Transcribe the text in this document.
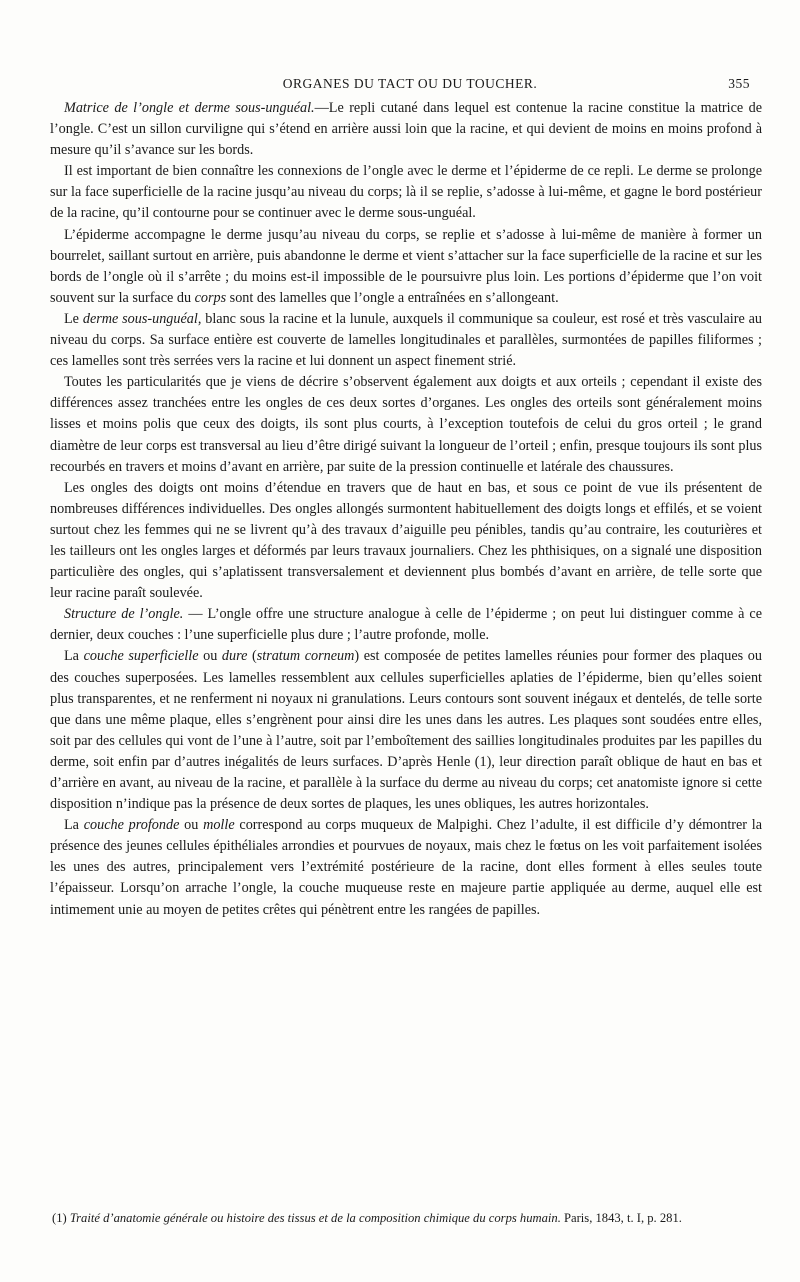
ORGANES DU TACT OU DU TOUCHER.	355

Matrice de l’ongle et derme sous-unguéal.—Le repli cutané dans lequel est contenue la racine constitue la matrice de l’ongle. C’est un sillon curviligne qui s’étend en arrière aussi loin que la racine, et qui devient de moins en moins profond à mesure qu’il s’avance sur les bords.

Il est important de bien connaître les connexions de l’ongle avec le derme et l’épiderme de ce repli. Le derme se prolonge sur la face superficielle de la racine jusqu’au niveau du corps; là il se replie, s’adosse à lui-même, et gagne le bord postérieur de la racine, qu’il contourne pour se continuer avec le derme sous-unguéal.

L’épiderme accompagne le derme jusqu’au niveau du corps, se replie et s’adosse à lui-même de manière à former un bourrelet, saillant surtout en arrière, puis abandonne le derme et vient s’attacher sur la face superficielle de la racine et sur les bords de l’ongle où il s’arrête ; du moins est-il impossible de le poursuivre plus loin. Les portions d’épiderme que l’on voit souvent sur la surface du corps sont des lamelles que l’ongle a entraînées en s’allongeant.

Le derme sous-unguéal, blanc sous la racine et la lunule, auxquels il communique sa couleur, est rosé et très vasculaire au niveau du corps. Sa surface entière est couverte de lamelles longitudinales et parallèles, surmontées de papilles filiformes ; ces lamelles sont très serrées vers la racine et lui donnent un aspect finement strié.

Toutes les particularités que je viens de décrire s’observent également aux doigts et aux orteils ; cependant il existe des différences assez tranchées entre les ongles de ces deux sortes d’organes. Les ongles des orteils sont généralement moins lisses et moins polis que ceux des doigts, ils sont plus courts, à l’exception toutefois de celui du gros orteil ; le grand diamètre de leur corps est transversal au lieu d’être dirigé suivant la longueur de l’orteil ; enfin, presque toujours ils sont plus recourbés en travers et moins d’avant en arrière, par suite de la pression continuelle et latérale des chaussures.

Les ongles des doigts ont moins d’étendue en travers que de haut en bas, et sous ce point de vue ils présentent de nombreuses différences individuelles. Des ongles allongés surmontent habituellement des doigts longs et effilés, et se voient surtout chez les femmes qui ne se livrent qu’à des travaux d’aiguille peu pénibles, tandis qu’au contraire, les couturières et les tailleurs ont les ongles larges et déformés par leurs travaux journaliers. Chez les phthisiques, on a signalé une disposition particulière des ongles, qui s’aplatissent transversalement et deviennent plus bombés d’avant en arrière, de telle sorte que leur racine paraît soulevée.

Structure de l’ongle. — L’ongle offre une structure analogue à celle de l’épiderme ; on peut lui distinguer comme à ce dernier, deux couches : l’une superficielle plus dure ; l’autre profonde, molle.

La couche superficielle ou dure (stratum corneum) est composée de petites lamelles réunies pour former des plaques ou des couches superposées. Les lamelles ressemblent aux cellules superficielles aplaties de l’épiderme, bien qu’elles soient plus transparentes, et ne renferment ni noyaux ni granulations. Leurs contours sont souvent inégaux et dentelés, de telle sorte que dans une même plaque, elles s’engrènent pour ainsi dire les unes dans les autres. Les plaques sont soudées entre elles, soit par des cellules qui vont de l’une à l’autre, soit par l’emboîtement des saillies longitudinales produites par les papilles du derme, soit enfin par d’autres inégalités de leurs surfaces. D’après Henle (1), leur direction paraît oblique de haut en bas et d’arrière en avant, au niveau de la racine, et parallèle à la surface du derme au niveau du corps; cet anatomiste ignore si cette disposition n’indique pas la présence de deux sortes de plaques, les unes obliques, les autres horizontales.

La couche profonde ou molle correspond au corps muqueux de Malpighi. Chez l’adulte, il est difficile d’y démontrer la présence des jeunes cellules épithéliales arrondies et pourvues de noyaux, mais chez le fœtus on les voit parfaitement isolées les unes des autres, principalement vers l’extrémité postérieure de la racine, dont elles forment à elles seules toute l’épaisseur. Lorsqu’on arrache l’ongle, la couche muqueuse reste en majeure partie appliquée au derme, auquel elle est intimement unie au moyen de petites crêtes qui pénètrent entre les rangées de papilles.

(1) Traité d’anatomie générale ou histoire des tissus et de la composition chimique du corps humain. Paris, 1843, t. I, p. 281.
